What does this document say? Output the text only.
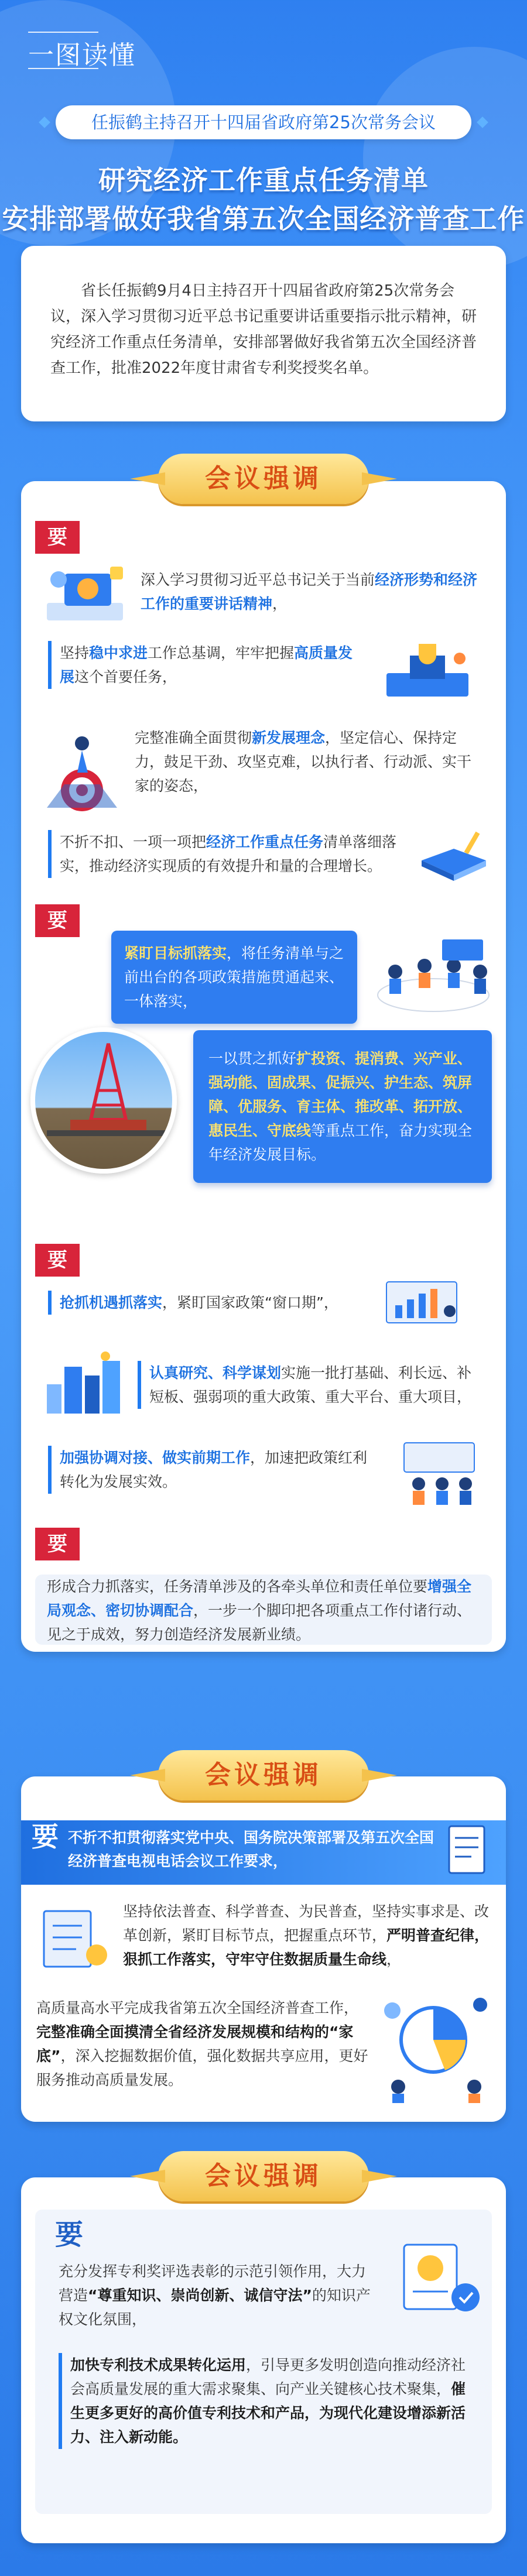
一图读懂
任振鹤主持召开十四届省政府第25次常务会议
研究经济工作重点任务清单
安排部署做好我省第五次全国经济普查工作
省长任振鹤9月4日主持召开十四届省政府第25次常务会议，深入学习贯彻习近平总书记重要讲话重要指示批示精神，研究经济工作重点任务清单，安排部署做好我省第五次全国经济普查工作，批准2022年度甘肃省专利奖授奖名单。
会议强调
要
深入学习贯彻习近平总书记关于当前经济形势和经济工作的重要讲话精神，
坚持稳中求进工作总基调，牢牢把握高质量发展这个首要任务，
完整准确全面贯彻新发展理念，坚定信心、保持定力，鼓足干劲、攻坚克难，以执行者、行动派、实干家的姿态，
不折不扣、一项一项把经济工作重点任务清单落细落实，推动经济实现质的有效提升和量的合理增长。
要
紧盯目标抓落实，将任务清单与之前出台的各项政策措施贯通起来、一体落实，
一以贯之抓好扩投资、提消费、兴产业、强动能、固成果、促振兴、护生态、筑屏障、优服务、育主体、推改革、拓开放、惠民生、守底线等重点工作，奋力实现全年经济发展目标。
要
抢抓机遇抓落实，紧盯国家政策“窗口期”，
认真研究、科学谋划实施一批打基础、利长远、补短板、强弱项的重大政策、重大平台、重大项目，
加强协调对接、做实前期工作，加速把政策红利转化为发展实效。
要
形成合力抓落实，任务清单涉及的各牵头单位和责任单位要增强全局观念、密切协调配合，一步一个脚印把各项重点工作付诸行动、见之于成效，努力创造经济发展新业绩。
会议强调
要 不折不扣贯彻落实党中央、国务院决策部署及第五次全国经济普查电视电话会议工作要求，
坚持依法普查、科学普查、为民普查，坚持实事求是、改革创新，紧盯目标节点，把握重点环节，严明普查纪律，狠抓工作落实，守牢守住数据质量生命线，
高质量高水平完成我省第五次全国经济普查工作，完整准确全面摸清全省经济发展规模和结构的“家底”，深入挖掘数据价值，强化数据共享应用，更好服务推动高质量发展。
会议强调
要
充分发挥专利奖评选表彰的示范引领作用，大力营造“尊重知识、崇尚创新、诚信守法”的知识产权文化氛围，
加快专利技术成果转化运用，引导更多发明创造向推动经济社会高质量发展的重大需求聚集、向产业关键核心技术聚集，催生更多更好的高价值专利技术和产品，为现代化建设增添新活力、注入新动能。
